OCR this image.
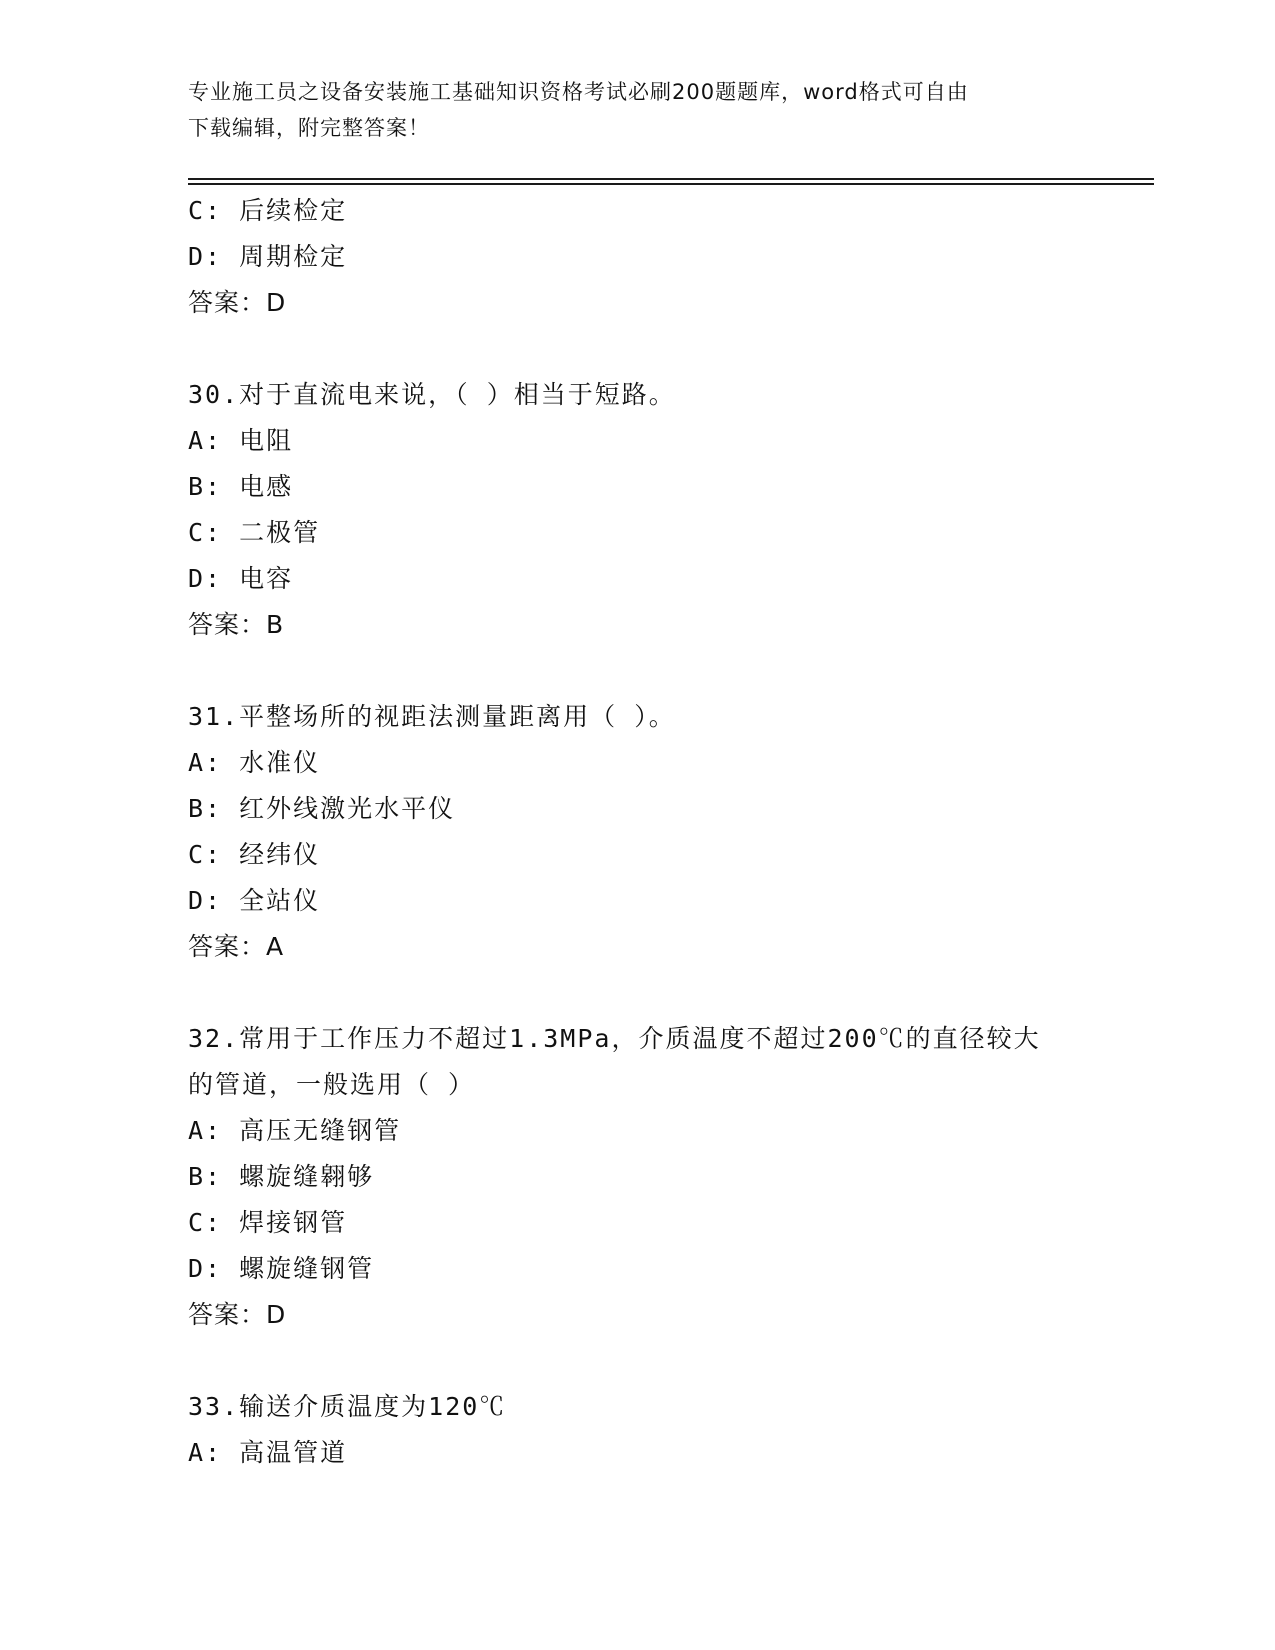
专业施工员之设备安装施工基础知识资格考试必刷200题题库，word格式可自由
下载编辑，附完整答案！
C: 后续检定
D: 周期检定
答案：D
30.对于直流电来说，（ ）相当于短路。
A: 电阻
B: 电感
C: 二极管
D: 电容
答案：B
31.平整场所的视距法测量距离用（ ）。
A: 水准仪
B: 红外线激光水平仪
C: 经纬仪
D: 全站仪
答案：A
32.常用于工作压力不超过1.3MPa，介质温度不超过200℃的直径较大
的管道，一般选用（ ）
A: 高压无缝钢管
B: 螺旋缝翱够
C: 焊接钢管
D: 螺旋缝钢管
答案：D
33.输送介质温度为120℃
A: 高温管道
